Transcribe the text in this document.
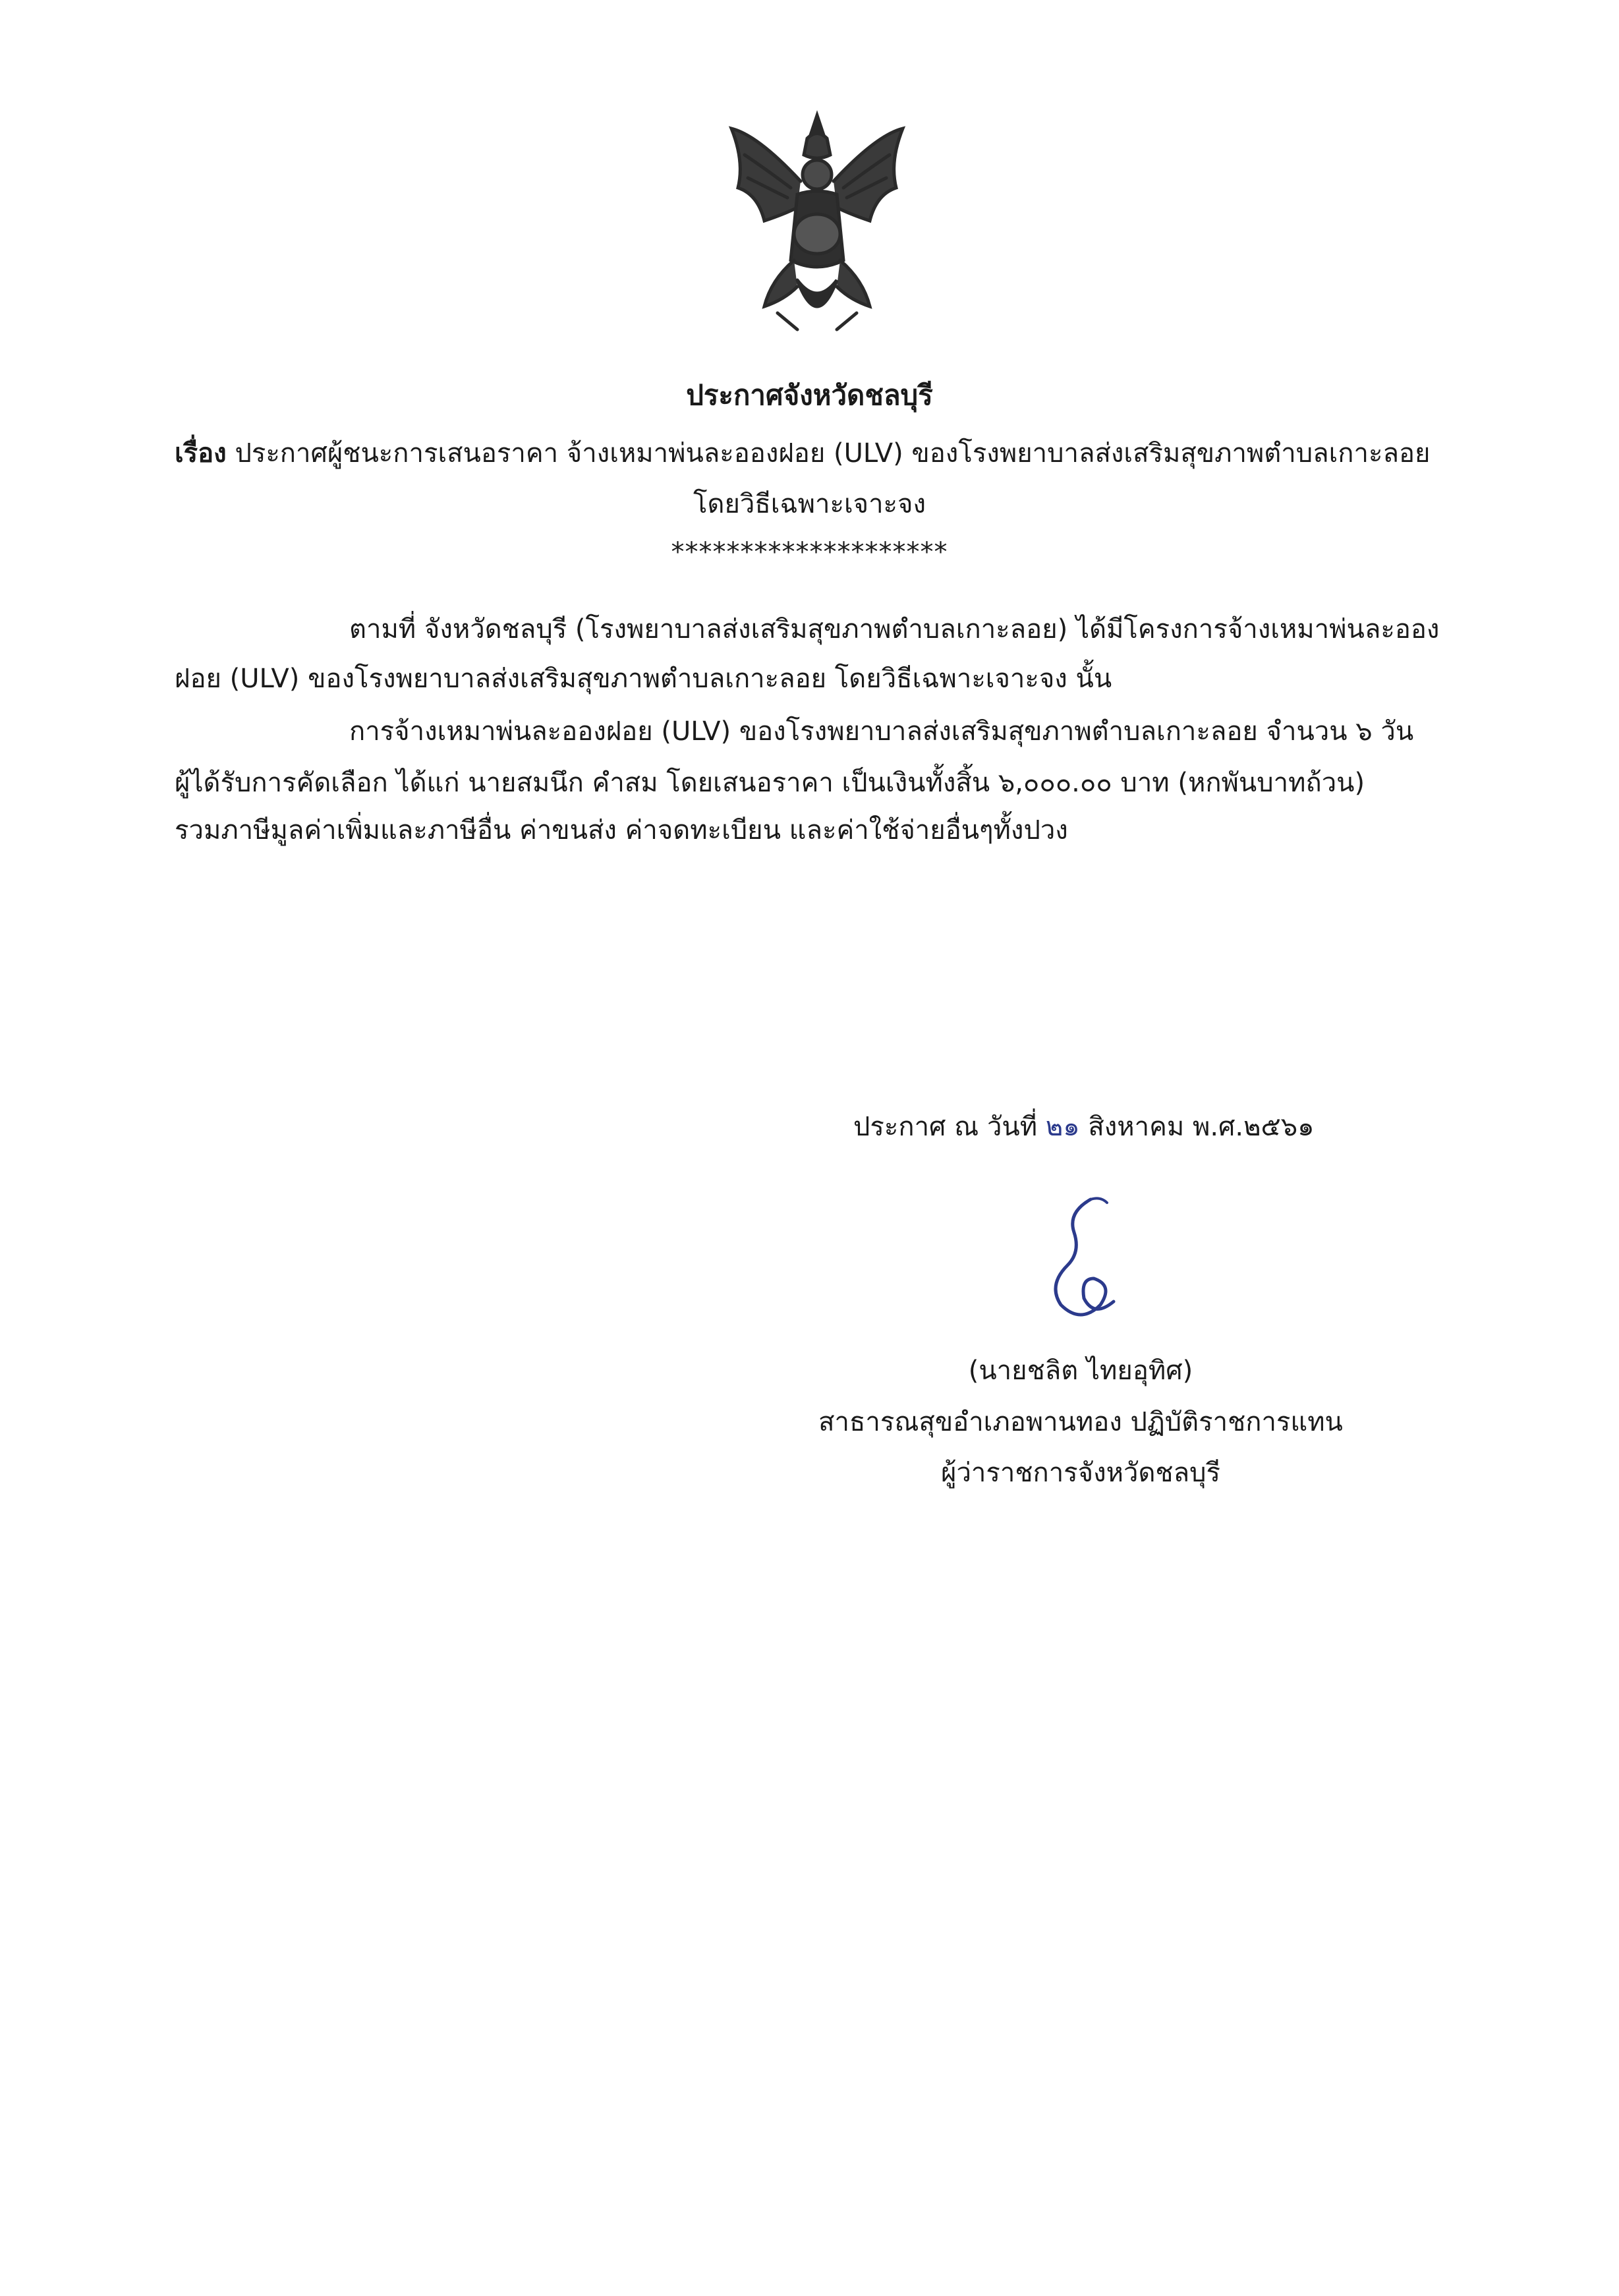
ประกาศจังหวัดชลบุรี
เรื่อง ประกาศผู้ชนะการเสนอราคา จ้างเหมาพ่นละอองฝอย (ULV) ของโรงพยาบาลส่งเสริมสุขภาพตำบลเกาะลอย
โดยวิธีเฉพาะเจาะจง
********************
ตามที่ จังหวัดชลบุรี (โรงพยาบาลส่งเสริมสุขภาพตำบลเกาะลอย) ได้มีโครงการจ้างเหมาพ่นละออง
ฝอย (ULV) ของโรงพยาบาลส่งเสริมสุขภาพตำบลเกาะลอย โดยวิธีเฉพาะเจาะจง นั้น
การจ้างเหมาพ่นละอองฝอย (ULV) ของโรงพยาบาลส่งเสริมสุขภาพตำบลเกาะลอย จำนวน ๖ วัน
ผู้ได้รับการคัดเลือก ได้แก่ นายสมนึก คำสม โดยเสนอราคา เป็นเงินทั้งสิ้น ๖,๐๐๐.๐๐ บาท (หกพันบาทถ้วน)
รวมภาษีมูลค่าเพิ่มและภาษีอื่น ค่าขนส่ง ค่าจดทะเบียน และค่าใช้จ่ายอื่นๆทั้งปวง
ประกาศ ณ วันที่ ๒๑ สิงหาคม พ.ศ.๒๕๖๑
(นายชลิต ไทยอุทิศ)
สาธารณสุขอำเภอพานทอง ปฏิบัติราชการแทน
ผู้ว่าราชการจังหวัดชลบุรี
